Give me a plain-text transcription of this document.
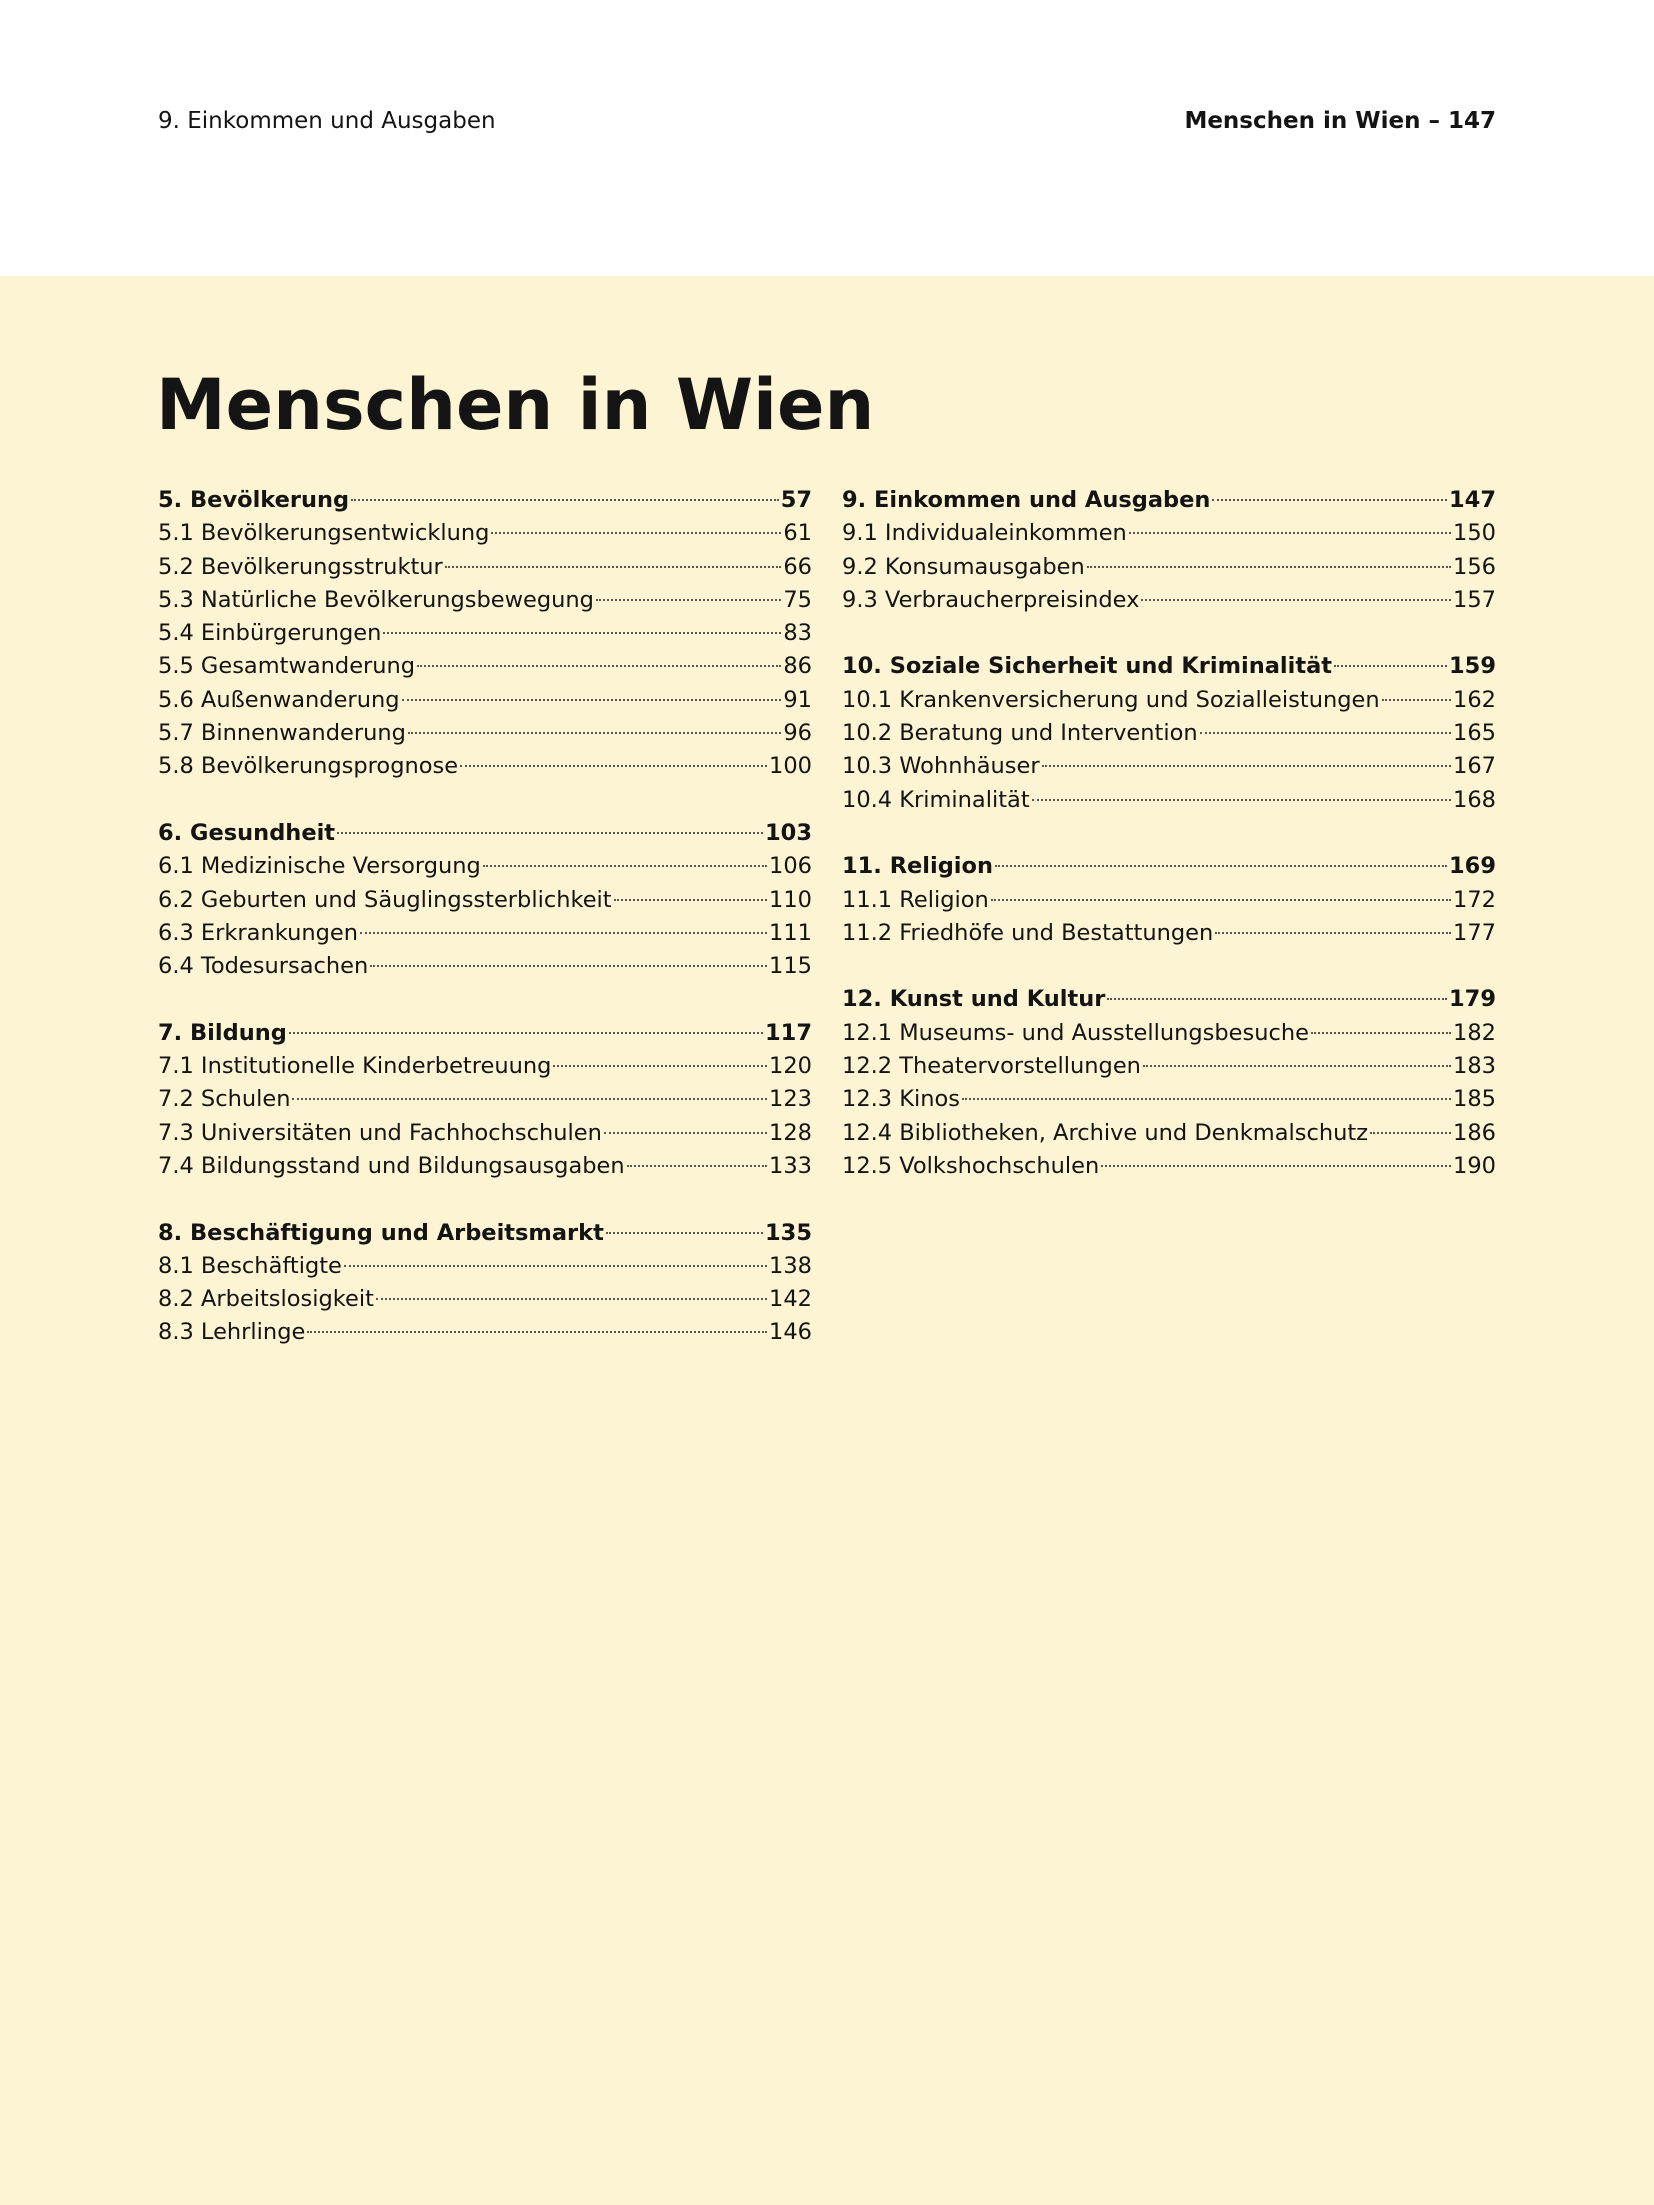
9. Einkommen und Ausgaben	Menschen in Wien – 147
Menschen in Wien
5. Bevölkerung	57
5.1 Bevölkerungsentwicklung	61
5.2 Bevölkerungsstruktur	66
5.3 Natürliche Bevölkerungsbewegung	75
5.4 Einbürgerungen	83
5.5 Gesamtwanderung	86
5.6 Außenwanderung	91
5.7 Binnenwanderung	96
5.8 Bevölkerungsprognose	100
6. Gesundheit	103
6.1 Medizinische Versorgung	106
6.2 Geburten und Säuglingssterblichkeit	110
6.3 Erkrankungen	111
6.4 Todesursachen	115
7. Bildung	117
7.1 Institutionelle Kinderbetreuung	120
7.2 Schulen	123
7.3 Universitäten und Fachhochschulen	128
7.4 Bildungsstand und Bildungsausgaben	133
8. Beschäftigung und Arbeitsmarkt	135
8.1 Beschäftigte	138
8.2 Arbeitslosigkeit	142
8.3 Lehrlinge	146
9. Einkommen und Ausgaben	147
9.1 Individualeinkommen	150
9.2 Konsumausgaben	156
9.3 Verbraucherpreisindex	157
10. Soziale Sicherheit und Kriminalität	159
10.1 Krankenversicherung und Sozialleistungen	162
10.2 Beratung und Intervention	165
10.3 Wohnhäuser	167
10.4 Kriminalität	168
11. Religion	169
11.1 Religion	172
11.2 Friedhöfe und Bestattungen	177
12. Kunst und Kultur	179
12.1 Museums- und Ausstellungsbesuche	182
12.2 Theatervorstellungen	183
12.3 Kinos	185
12.4 Bibliotheken, Archive und Denkmalschutz	186
12.5 Volkshochschulen	190
